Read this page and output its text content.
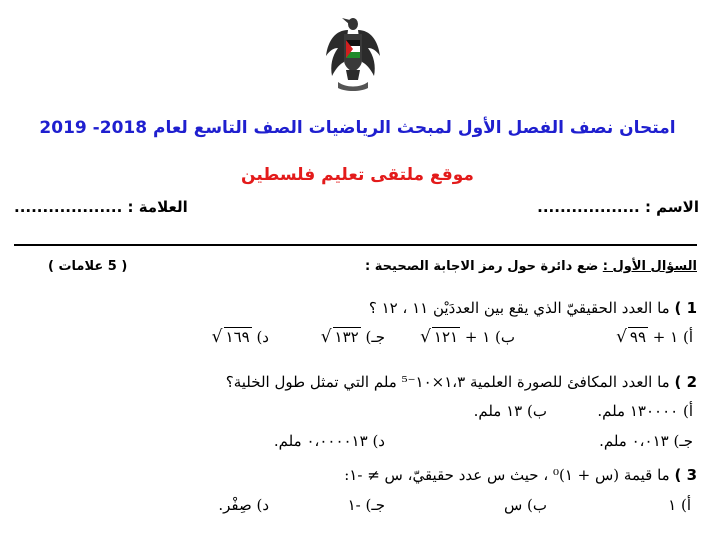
امتحان نصف الفصل الأول لمبحث الرياضيات الصف التاسع لعام 2018- 2019
موقع ملتقى تعليم فلسطين
الاسم : ..................
العلامة : ...................
السؤال الأول : ضع دائرة حول رمز الاجابة الصحيحة :
( 5 علامات )
1 ) ما العدد الحقيقيّ الذي يقع بين العددَيْن ١١ ، ١٢ ؟
أ) ١ + √ ٩٩
ب) ١ + √ ١٢١
جـ) √ ١٣٢
د) √ ١٦٩
2 ) ما العدد المكافئ للصورة العلمية ١،٣×١٠⁻⁵ ملم التي تمثل طول الخلية؟
أ) ١٣٠٠٠٠ ملم.
ب) ١٣ ملم.
جـ) ٠،٠١٣ ملم.
د) ٠،٠٠٠٠١٣ ملم.
3 ) ما قيمة (س + ١)⁰ ، حيث س عدد حقيقيّ، س ≠ -١:
أ) ١
ب) س
جـ) -١
د) صِفْر.
